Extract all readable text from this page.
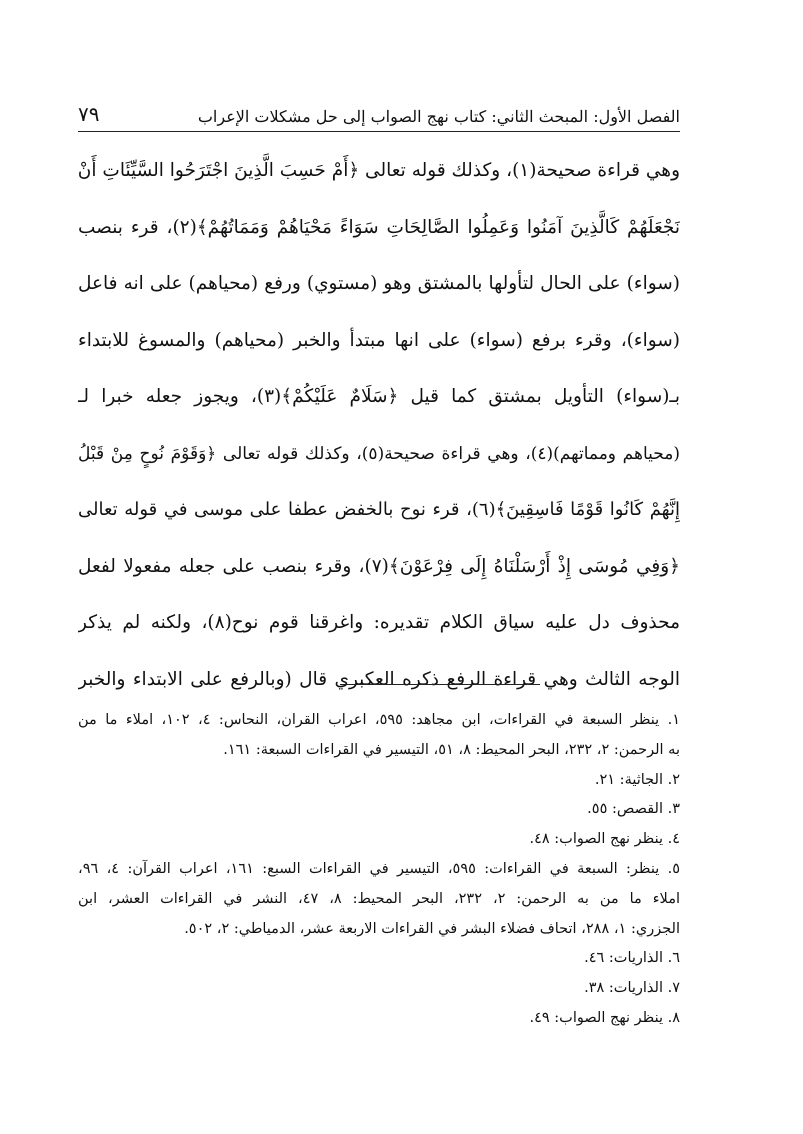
الفصل الأول: المبحث الثاني: كتاب نهج الصواب إلى حل مشكلات الإعراب
٧٩
وهي قراءة صحيحة(١)، وكذلك قوله تعالى ﴿أَمْ حَسِبَ الَّذِينَ اجْتَرَحُوا السَّيِّئَاتِ أَنْ
نَجْعَلَهُمْ كَالَّذِينَ آمَنُوا وَعَمِلُوا الصَّالِحَاتِ سَوَاءً مَحْيَاهُمْ وَمَمَاتُهُمْ﴾(٢)، قرء بنصب
(سواء) على الحال لتأولها بالمشتق وهو (مستوي) ورفع (محياهم) على انه فاعل
(سواء)، وقرء برفع (سواء) على انها مبتدأ والخبر (محياهم) والمسوغ للابتداء
بـ(سواء) التأويل بمشتق كما قيل ﴿سَلَامٌ عَلَيْكُمْ﴾(٣)، ويجوز جعله خبرا لـ
(محياهم ومماتهم)(٤)، وهي قراءة صحيحة(٥)، وكذلك قوله تعالى ﴿وَقَوْمَ نُوحٍ مِنْ قَبْلُ
إِنَّهُمْ كَانُوا قَوْمًا فَاسِقِينَ﴾(٦)، قرء نوح بالخفض عطفا على موسى في قوله تعالى
﴿وَفِي مُوسَى إِذْ أَرْسَلْنَاهُ إِلَى فِرْعَوْنَ﴾(٧)، وقرء بنصب على جعله مفعولا لفعل
محذوف دل عليه سياق الكلام تقديره: واغرقنا قوم نوح(٨)، ولكنه لم يذكر
الوجه الثالث وهي قراءة الرفع ذكره العكبري قال (وبالرفع على الابتداء والخبر
١. ينظر السبعة في القراءات، ابن مجاهد: ٥٩٥، اعراب القران، النحاس: ٤، ١٠٢، املاء ما من
به الرحمن: ٢، ٢٣٢، البحر المحيط: ٨، ٥١، التيسير في القراءات السبعة: ١٦١.
٢. الجاثية: ٢١.
٣. القصص: ٥٥.
٤. ينظر نهج الصواب: ٤٨.
٥. ينظر: السبعة في القراءات: ٥٩٥، التيسير في القراءات السبع: ١٦١، اعراب القرآن: ٤، ٩٦،
املاء ما من به الرحمن: ٢، ٢٣٢، البحر المحيط: ٨، ٤٧، النشر في القراءات العشر، ابن
الجزري: ١، ٢٨٨، اتحاف فضلاء البشر في القراءات الاربعة عشر، الدمياطي: ٢، ٥٠٢.
٦. الذاريات: ٤٦.
٧. الذاريات: ٣٨.
٨. ينظر نهج الصواب: ٤٩.
